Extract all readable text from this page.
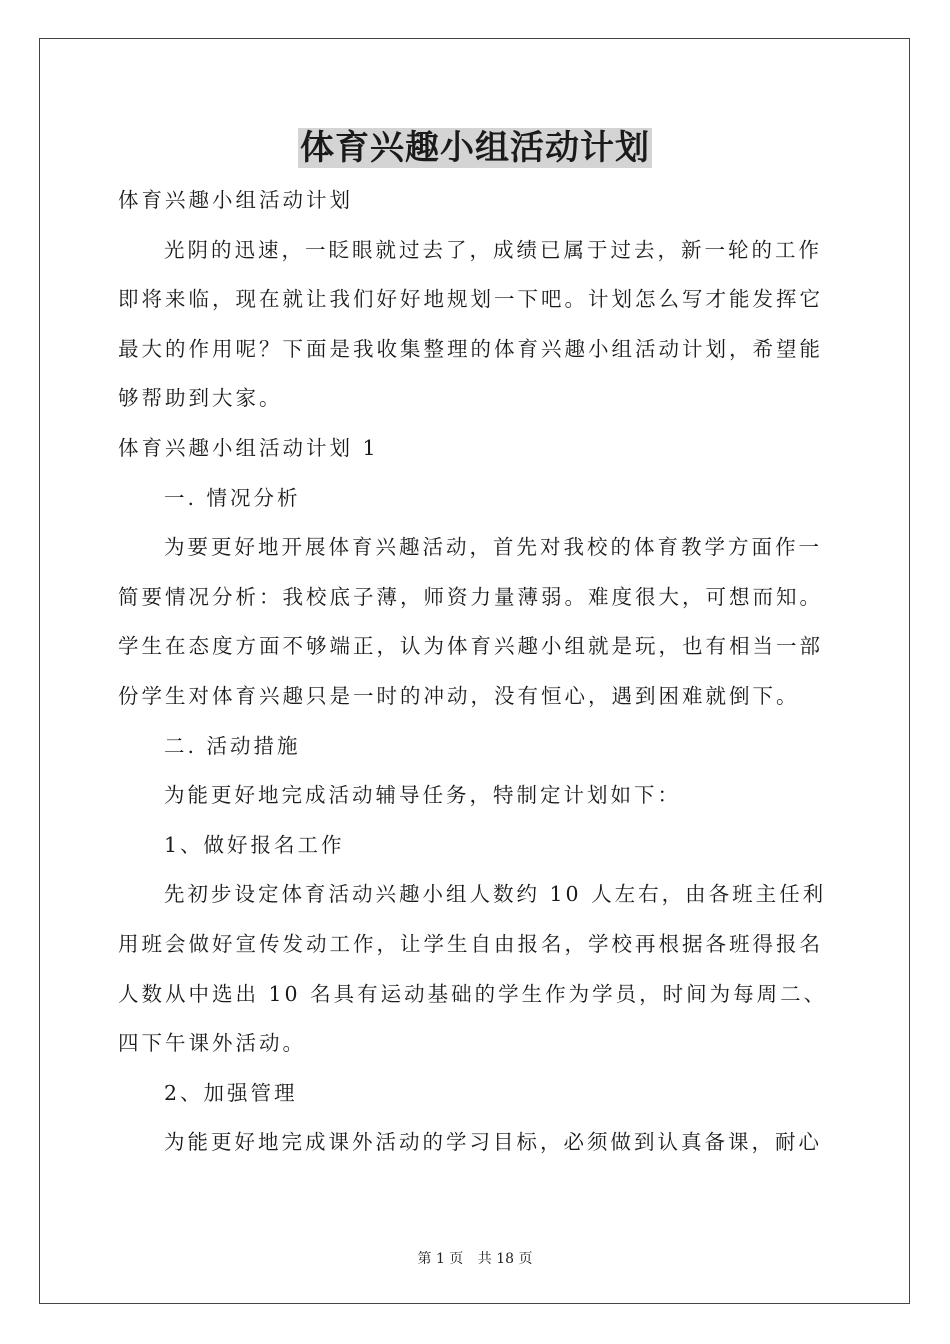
体育兴趣小组活动计划
体育兴趣小组活动计划
光阴的迅速，一眨眼就过去了，成绩已属于过去，新一轮的工作
即将来临，现在就让我们好好地规划一下吧。计划怎么写才能发挥它
最大的作用呢？下面是我收集整理的体育兴趣小组活动计划，希望能
够帮助到大家。
体育兴趣小组活动计划 1
一. 情况分析
为要更好地开展体育兴趣活动，首先对我校的体育教学方面作一
简要情况分析：我校底子薄，师资力量薄弱。难度很大，可想而知。
学生在态度方面不够端正，认为体育兴趣小组就是玩，也有相当一部
份学生对体育兴趣只是一时的冲动，没有恒心，遇到困难就倒下。
二. 活动措施
为能更好地完成活动辅导任务，特制定计划如下：
1、做好报名工作
先初步设定体育活动兴趣小组人数约 10 人左右，由各班主任利
用班会做好宣传发动工作，让学生自由报名，学校再根据各班得报名
人数从中选出 10 名具有运动基础的学生作为学员，时间为每周二、
四下午课外活动。
2、加强管理
为能更好地完成课外活动的学习目标，必须做到认真备课，耐心
第 1 页 共 18 页
